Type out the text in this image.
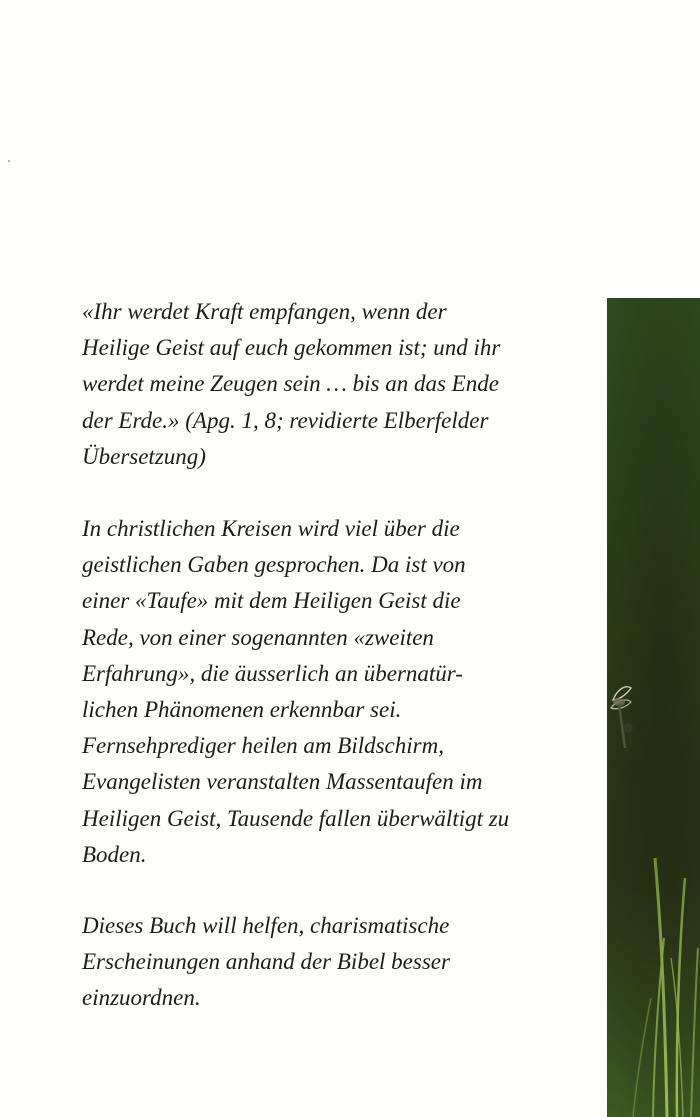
«Ihr werdet Kraft empfangen, wenn der
Heilige Geist auf euch gekommen ist; und ihr
werdet meine Zeugen sein … bis an das Ende
der Erde.» (Apg. 1, 8; revidierte Elberfelder
Übersetzung)

In christlichen Kreisen wird viel über die
geistlichen Gaben gesprochen. Da ist von
einer «Taufe» mit dem Heiligen Geist die
Rede, von einer sogenannten «zweiten
Erfahrung», die äusserlich an übernatür-
lichen Phänomenen erkennbar sei.
Fernsehprediger heilen am Bildschirm,
Evangelisten veranstalten Massentaufen im
Heiligen Geist, Tausende fallen überwältigt zu
Boden.

Dieses Buch will helfen, charismatische
Erscheinungen anhand der Bibel besser
einzuordnen.
